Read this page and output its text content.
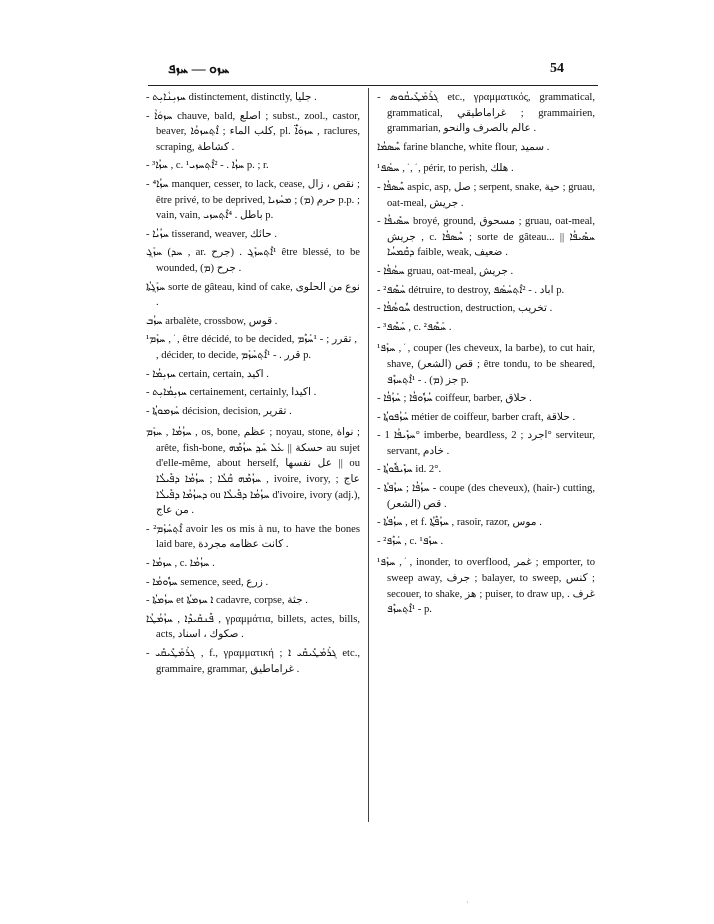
ܚܙܘ — ܚܙܦ	54

- ܚܙܝܼܢܵܐܝܼܬ distinctement, distinctly, جليا .

- ܚܙܘܿܐܵ chauve, bald, اصلع ; subst., zool., castor, beaver, كلب الماء ; ܐܶܬ݂ܚܙܘܳܐ, pl. ܚܙܘܿܐ̈ܶ , raclures, scraping, كشاطة .

- ³ܚܙܳܐ , c. ¹ܚܙܳܐ . - ²ܐܶܬ݂ܚܙܝ p. ; r.

- ⁴ܚܙܳܐ manquer, cesser, to lack, cease, نقص ، زال ; être privé, to be deprived, حرم (ܡ) ; ܡܚܰܙܝܐ p.p. ; vain, vain, باطل . ⁴ܐܶܬ݂ܚܙܝ p.

- ܚܙܳܝܳܐ tisserand, weaver, حائك .

ܚܙܰܓ݂ (ܚܕ , ar. جرح) . ¹ܐܶܬ݂ܚܙܰܓ݂ être blessé, to be wounded, جرح (ܡ) .

ܚܙܰܓ݂ܬܳܐ sorte de gâteau, kind of cake, نوع من الحلوى .

ܚܙܳܒ arbalète, crossbow, قوس .

¹ܚܙܰܡ , ܿ , être décidé, to be decided, تقرر ; - ¹ܚܰܙܶܡ , ܿ , décider, to decide, قرر . - ¹ܐܶܬ݂ܚܰܙܰܡ p.

- ܚܙܝܼܡܳܐ certain, certain, اكيد .

- ܚܙܝܼܡܳܐܝܼܬ certainement, certainly, اكيدا .

- ܚܰܙܡܘܬ݂ܳܐ décision, decision, تقرير .

ܚܙܳܡܳܐ , ܚܙܰܡ , os, bone, عظم ; noyau, stone, نواة ; arête, fish-bone, حسكة || ܥܰܠ ܚܰܕ݂ ܚܙܳܡܶܗ au sujet d'elle-même, about herself, عل نفسها || ou ܚܙܳܡܶܗ ܩܶܠܳܐ ; ܚܙܳܡܳܐ ܕܦܺܝܠܳܐ , ivoire, ivory, عاج ; ܕܚܙܳܡܳܐ ܕܦܺܝܠܳܐ ou ܚܙܳܡܳܐ ܕܦܺܝܠܳܐ d'ivoire, ivory (adj.), من عاج .

- ²ܐܶܬ݂ܚܰܙܰܡ avoir les os mis à nu, to have the bones laid bare, كانت عظامه مجردة .

- ܚܙܡܳܐ , c. ܚܙܳܡܳܐ .

- ܚܙܽܘܡܳܐ semence, seed, زرع .

- ܚܙܳܡܬܳܐ et ܐ ܚܙܡܬܳܐ cadavre, corpse, جثة .

ܦܶܢܩܺܝܕܶܐ , ܚܙܳܡܳܛܳܐ , γραμμάτια, billets, actes, bills, acts, صكوك ، اسناد .

- ܓܪܰܡܰܛܺܝܩܺܝ , f., γραμματική ; ܓܪܰܡܰܛܺܝܩܺܝ ܐ etc., grammaire, grammar, غراماطيق .

- ܓܪܰܡܰܛܺܝܩܳܘܣ etc., γραμματικός, grammatical, grammatical, غراماطيقي ; grammairien, grammarian, عالم بالصرف والنحو .

ܚܶܣܡܳܐ farine blanche, white flour, سميد .

¹ܚܣܰܦ , ܿ , ܿ , périr, to perish, هلك .

- ܚܶܣܦܳܐ aspic, asp, صل ; serpent, snake, حية ; gruau, oat-meal, جريش .

- ܚܣܺܝܦܳܐ broyé, ground, مسحوق ; gruau, oat-meal, جريش , c. ܚܶܣܦܳܐ ; sorte de gâteau... || ܚܣܺܝܦܳܐ ܕܩܶܡܚܳܐ faible, weak, ضعيف .

- ܚܣܳܦܳܐ gruau, oat-meal, جريش .

- ²ܚܰܣܶܦ détruire, to destroy, اباد . - ²ܐܶܬ݂ܚܰܣܰܦ p.

- ܚܽܘܣܳܦܳܐ destruction, destruction, تخريب .

- ³ܚܰܣܶܦ , c. ²ܚܰܣܶܦ .

¹ܚܙܰܦ , ܿ , couper (les cheveux, la barbe), to cut hair, shave, قص (الشعر) ; être tondu, to be sheared, جز (ܡ) . - ¹ܐܶܬ݂ܚܙܶܦ p.

- ܚܳܙܽܘܦܳܐ ; ܚܰܙܳܦܳܐ coiffeur, barber, حلاق .

- ܚܰܙܳܦܘܬ݂ܳܐ métier de coiffeur, barber craft, حلاقة .

- ܚܙܺܝܦܳܐ 1° imberbe, beardless, اجرد ; 2° serviteur, servant, خادم .

- ܚܙܺܝܦܽܘܬ݂ܳܐ id. 2°.

- ܚܙܳܦܳܐ ; ܚܙܳܦܬܳܐ - coupe (des cheveux), (hair-) cutting, قص (الشعر) .

- ܚܙܳܦܬܳܐ , et f. ܚܙܳܦܶܬ݂ܳܐ , rasoir, razor, موس .

- ²ܚܰܙܶܦ , c. ¹ܚܙܰܦ .

¹ܚܙܰܦ , ܿ , inonder, to overflood, غمر ; emporter, to sweep away, جرف ; balayer, to sweep, كنس ; secouer, to shake, هز ; puiser, to draw up, غرف . - ¹ܐܶܬ݂ܚܙܶܦ p.

·
